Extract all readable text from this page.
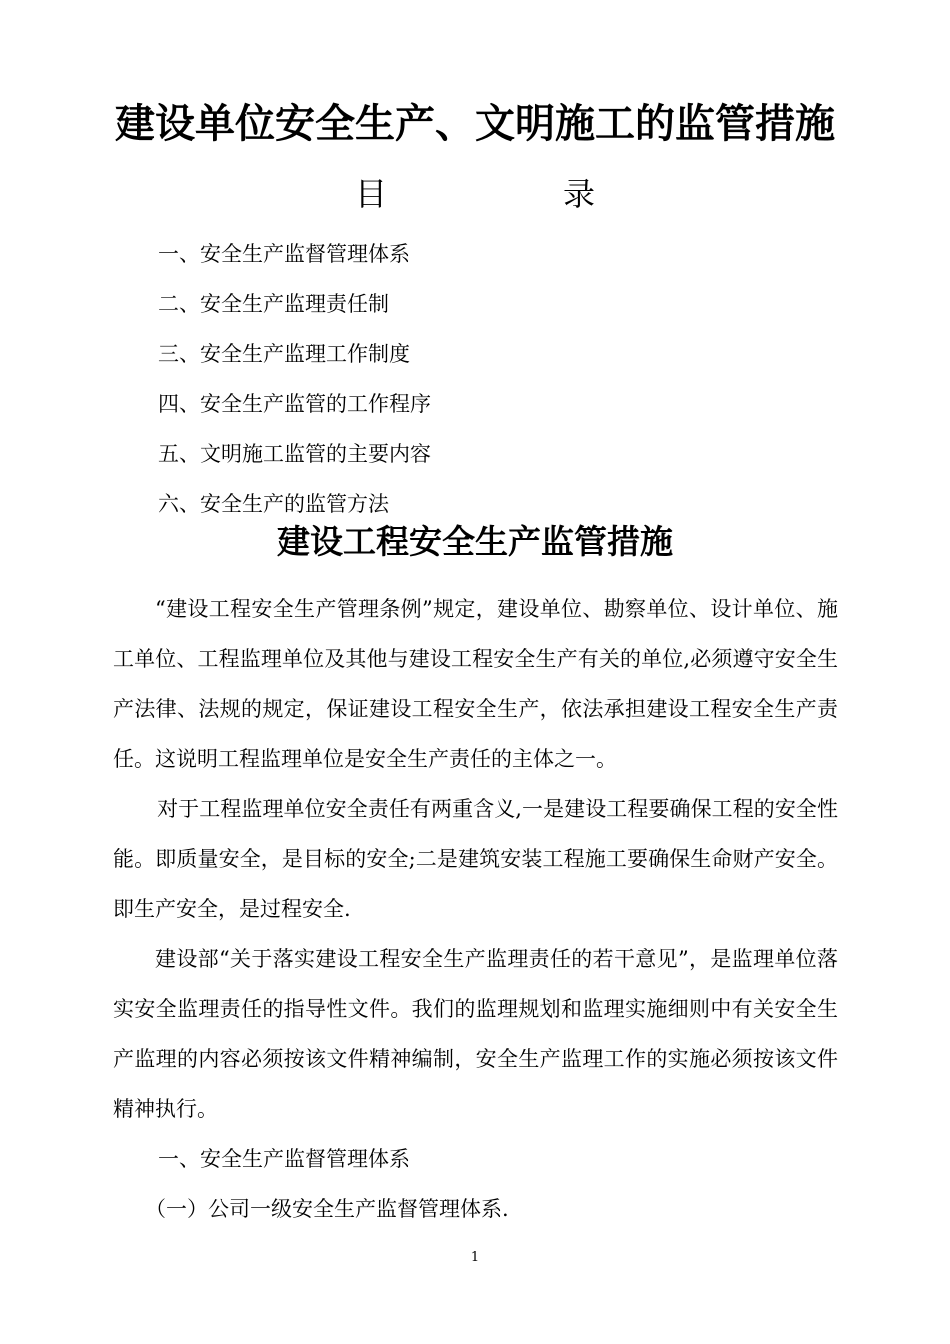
建设单位安全生产、文明施工的监管措施
目	录
一、安全生产监督管理体系
二、安全生产监理责任制
三、安全生产监理工作制度
四、安全生产监管的工作程序
五、文明施工监管的主要内容
六、安全生产的监管方法
建设工程安全生产监管措施

“建设工程安全生产管理条例”规定，建设单位、勘察单位、设计单位、施工单位、工程监理单位及其他与建设工程安全生产有关的单位,必须遵守安全生产法律、法规的规定，保证建设工程安全生产，依法承担建设工程安全生产责任。这说明工程监理单位是安全生产责任的主体之一。

对于工程监理单位安全责任有两重含义,一是建设工程要确保工程的安全性能。即质量安全，是目标的安全;二是建筑安装工程施工要确保生命财产安全。即生产安全，是过程安全.

建设部“关于落实建设工程安全生产监理责任的若干意见”，是监理单位落实安全监理责任的指导性文件。我们的监理规划和监理实施细则中有关安全生产监理的内容必须按该文件精神编制，安全生产监理工作的实施必须按该文件精神执行。

一、安全生产监督管理体系

（一）公司一级安全生产监督管理体系.

1
